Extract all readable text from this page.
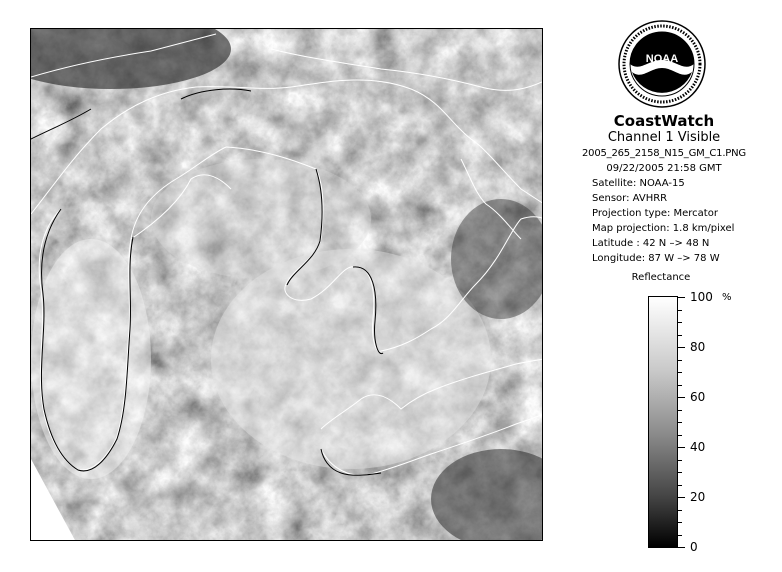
NOAA
CoastWatch
Channel 1 Visible
2005_265_2158_N15_GM_C1.PNG
09/22/2005 21:58 GMT
Satellite: NOAA-15
Sensor: AVHRR
Projection type: Mercator
Map projection: 1.8 km/pixel
Latitude : 42 N –> 48 N
Longitude: 87 W –> 78 W
Reflectance
%
100
80
60
40
20
0
